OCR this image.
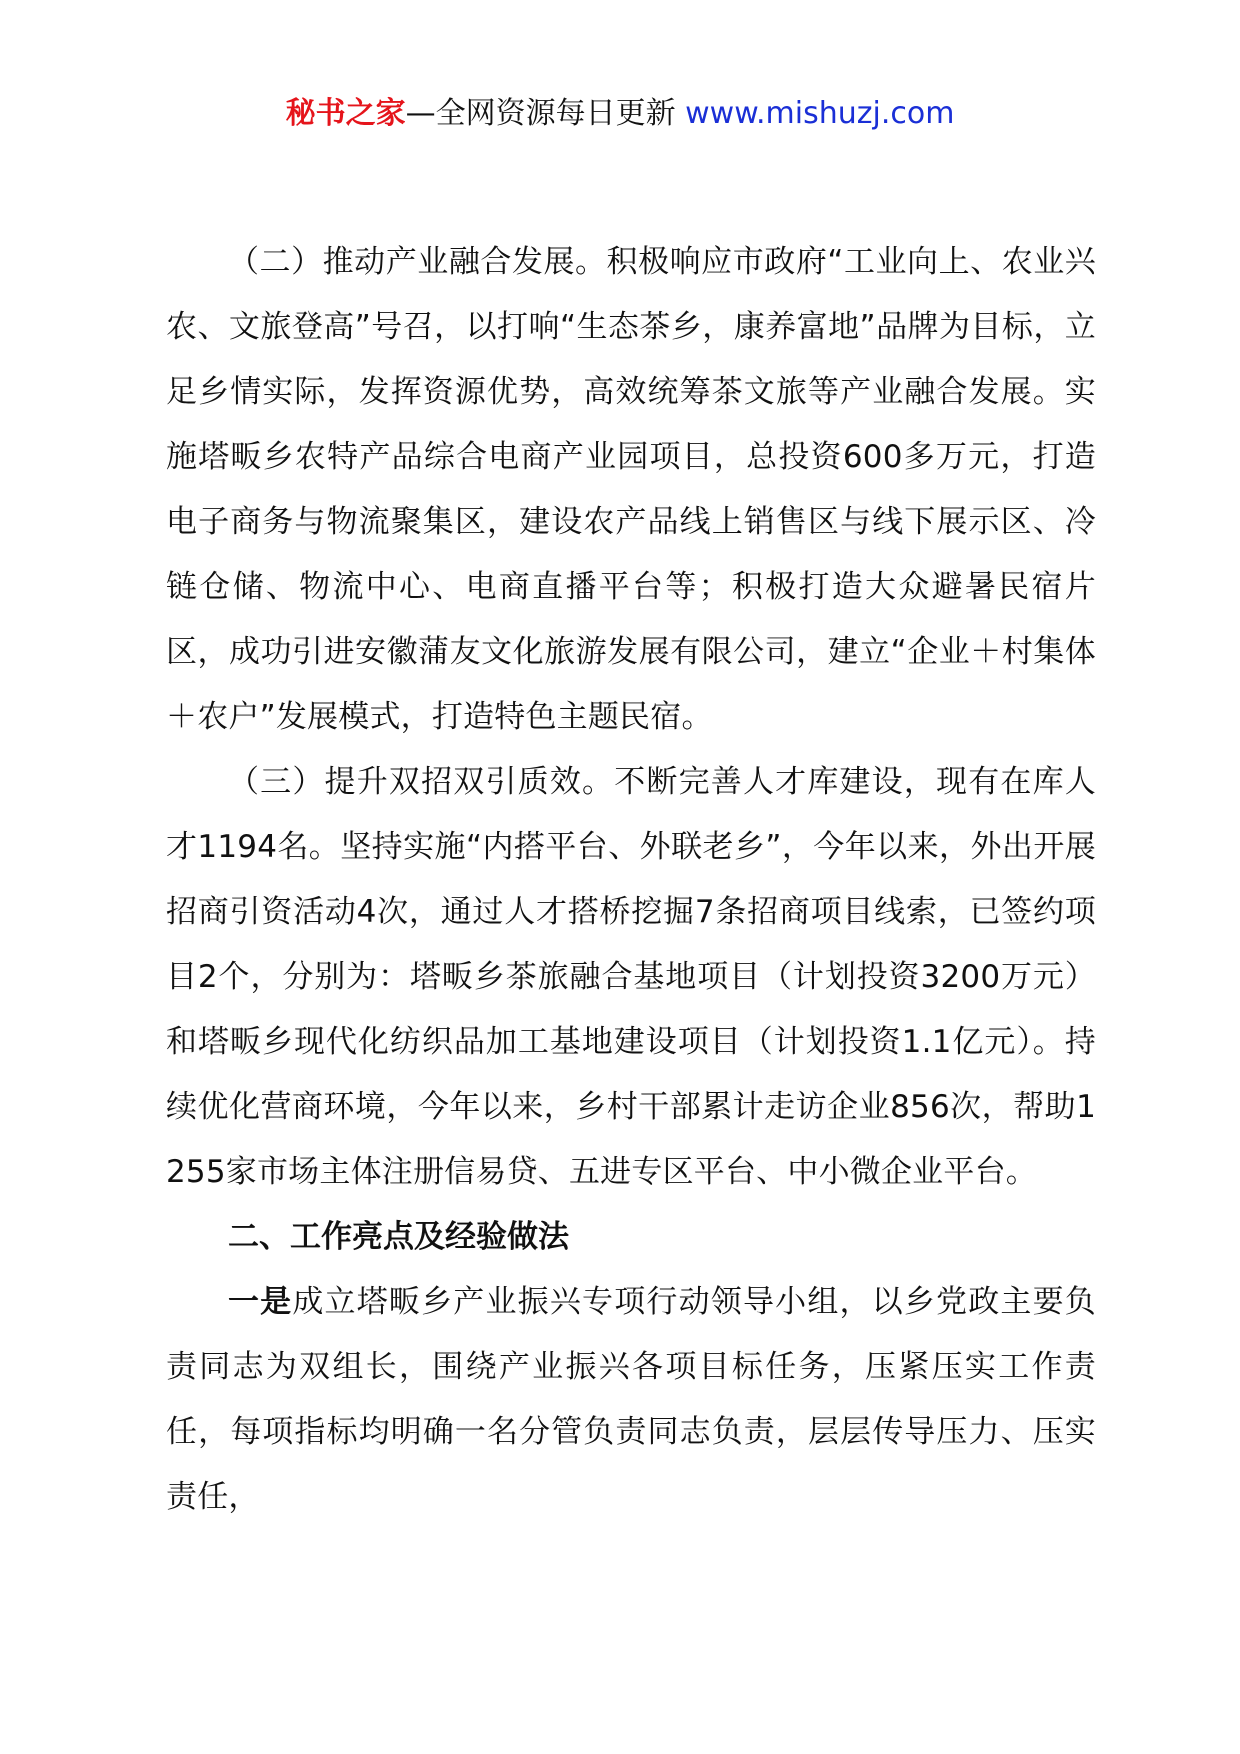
秘书之家—全网资源每日更新 www.mishuzj.com

（二）推动产业融合发展。积极响应市政府“工业向上、农业兴农、文旅登高”号召，以打响“生态茶乡，康养富地”品牌为目标，立足乡情实际，发挥资源优势，高效统筹茶文旅等产业融合发展。实施塔畈乡农特产品综合电商产业园项目，总投资600多万元，打造电子商务与物流聚集区，建设农产品线上销售区与线下展示区、冷链仓储、物流中心、电商直播平台等；积极打造大众避暑民宿片区，成功引进安徽蒲友文化旅游发展有限公司，建立“企业＋村集体＋农户”发展模式，打造特色主题民宿。

（三）提升双招双引质效。不断完善人才库建设，现有在库人才1194名。坚持实施“内搭平台、外联老乡”，今年以来，外出开展招商引资活动4次，通过人才搭桥挖掘7条招商项目线索，已签约项目2个，分别为：塔畈乡茶旅融合基地项目（计划投资3200万元）和塔畈乡现代化纺织品加工基地建设项目（计划投资1.1亿元）。持续优化营商环境，今年以来，乡村干部累计走访企业856次，帮助1255家市场主体注册信易贷、五进专区平台、中小微企业平台。

二、工作亮点及经验做法

一是成立塔畈乡产业振兴专项行动领导小组，以乡党政主要负责同志为双组长，围绕产业振兴各项目标任务，压紧压实工作责任，每项指标均明确一名分管负责同志负责，层层传导压力、压实责任，
